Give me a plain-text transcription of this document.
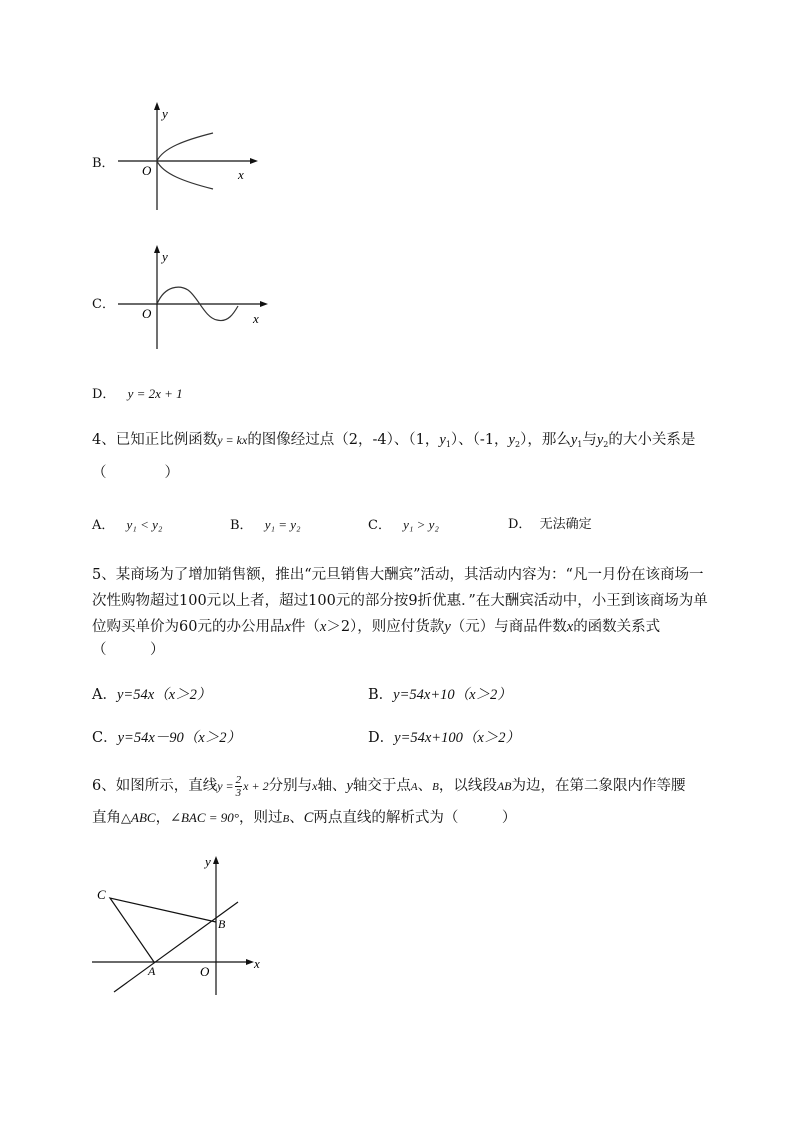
B．
y
x
O
C．
y
x
O
D． y = 2x + 1
4、已知正比例函数y = kx的图像经过点（2，-4）、（1，$y_1$）、（-1，$y_2$），那么$y_1$与$y_2$的大小关系是
（　　　　）
A． y₁ < y₂	B． y₁ = y₂	C． y₁ > y₂	D． 无法确定
5、某商场为了增加销售额，推出“元旦销售大酬宾”活动，其活动内容为：“凡一月份在该商场一
次性购物超过100元以上者，超过100元的部分按9折优惠．”在大酬宾活动中，小王到该商场为单
位购买单价为60元的办公用品x件（x＞2），则应付货款y（元）与商品件数x的函数关系式
（　　　）
A．y=54x（x＞2）	B．y=54x+10（x＞2）
C．y=54x－90（x＞2）	D．y=54x+100（x＞2）
6、如图所示，直线$y = \frac{2}{3}$ x + 2分别与x轴、y轴交于点A、B，以线段AB为边，在第二象限内作等腰
直角△ABC，∠BAC = 90°，则过B、C两点直线的解析式为（　　　）
y
x
C
B
A	O
